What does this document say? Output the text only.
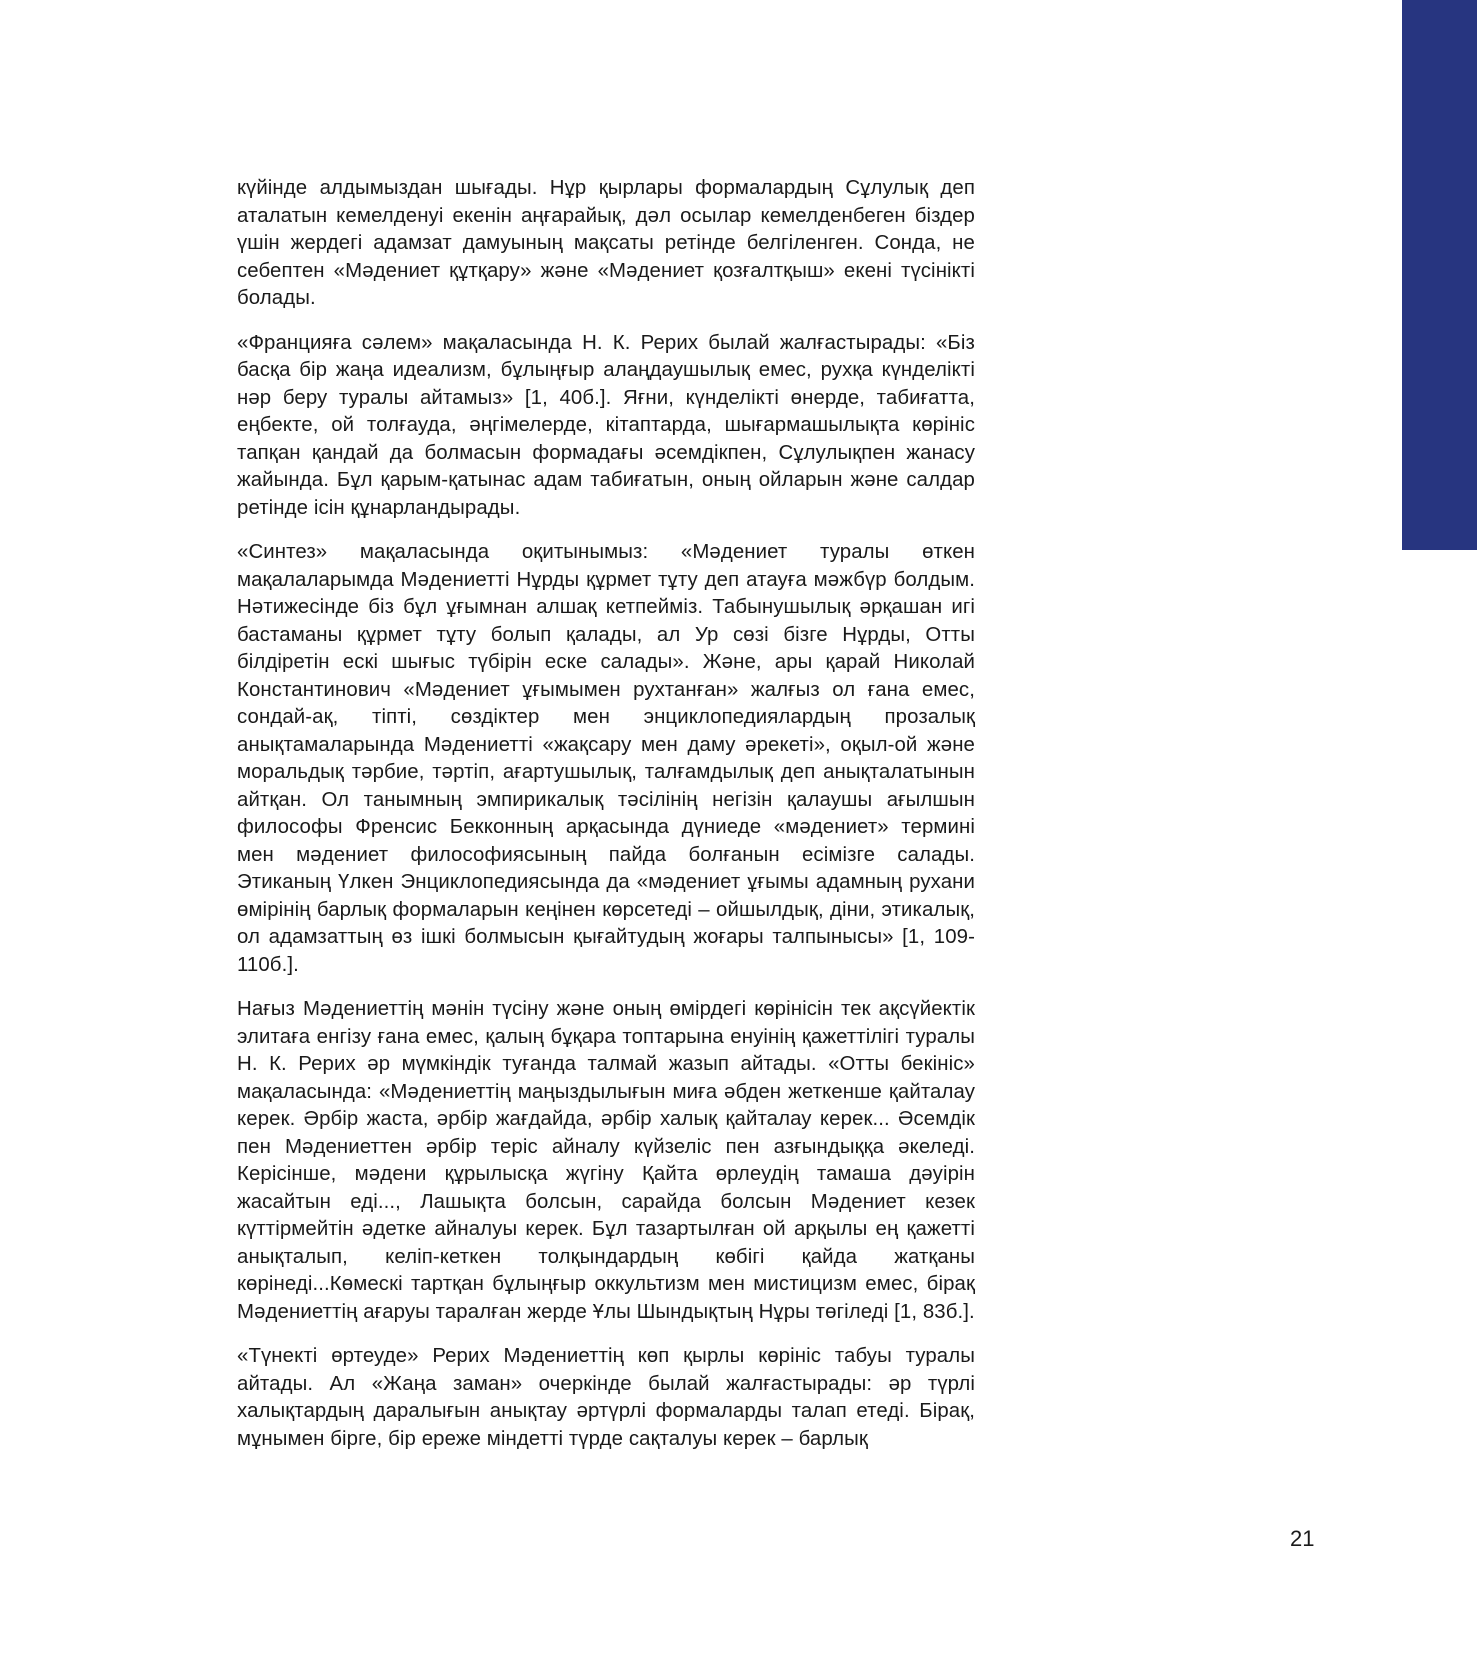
күйінде алдымыздан шығады. Нұр қырлары формалардың Сұлулық деп аталатын кемелденуі екенін аңғарайық, дәл осылар кемелденбеген біздер үшін жердегі адамзат дамуының мақсаты ретінде белгіленген. Сонда, не себептен «Мәдениет құтқару» және «Мәдениет қозғалтқыш» екені түсінікті болады.

«Францияға сәлем» мақаласында Н. К. Рерих былай жалғастырады: «Біз басқа бір жаңа идеализм, бұлыңғыр алаңдаушылық емес, рухқа күнделікті нәр беру туралы айтамыз» [1, 40б.]. Яғни, күнделікті өнерде, табиғатта, еңбекте, ой толғауда, әңгімелерде, кітаптарда, шығармашылықта көрініс тапқан қандай да болмасын формадағы әсемдікпен, Сұлулықпен жанасу жайында. Бұл қарым-қатынас адам табиғатын, оның ойларын және салдар ретінде ісін құнарландырады.

«Синтез» мақаласында оқитынымыз: «Мәдениет туралы өткен мақалаларымда Мәдениетті Нұрды құрмет тұту деп атауға мәжбүр болдым. Нәтижесінде біз бұл ұғымнан алшақ кетпейміз. Табынушылық әрқашан игі бастаманы құрмет тұту болып қалады, ал Ур сөзі бізге Нұрды, Отты білдіретін ескі шығыс түбірін еске салады». Және, ары қарай Николай Константинович «Мәдениет ұғымымен рухтанған» жалғыз ол ғана емес, сондай-ақ, тіпті, сөздіктер мен энциклопедиялардың прозалық анықтамаларында Мәдениетті «жақсару мен даму әрекеті», оқыл-ой және моральдық тәрбие, тәртіп, ағартушылық, талғамдылық деп анықталатынын айтқан. Ол танымның эмпирикалық тәсілінің негізін қалаушы ағылшын философы Френсис Бекконның арқасында дүниеде «мәдениет» терминi мен мәдениет философиясының пайда болғанын есімізге салады. Этиканың Үлкен Энциклопедиясында да «мәдениет ұғымы адамның рухани өмірінің барлық формаларын кеңінен көрсетеді – ойшылдық, діни, этикалық, ол адамзаттың өз ішкі болмысын қығайтудың жоғары талпынысы» [1, 109-110б.].

Нағыз Мәдениеттің мәнін түсіну және оның өмірдегі көрінісін тек ақсүйектік элитаға енгізу ғана емес, қалың бұқара топтарына енуінің қажеттілігі туралы Н. К. Рерих әр мүмкіндік туғанда талмай жазып айтады. «Отты бекініс» мақаласында: «Мәдениеттің маңыздылығын миға әбден жеткенше қайталау керек. Әрбір жаста, әрбір жағдайда, әрбір халық қайталау керек... Әсемдік пен Мәдениеттен әрбір теріс айналу күйзеліс пен азғындыққа әкеледі. Керісінше, мәдени құрылысқа жүгіну Қайта өрлеудің тамаша дәуірін жасайтын еді..., Лашықта болсын, сарайда болсын Мәдениет кезек күттірмейтін әдетке айналуы керек. Бұл тазартылған ой арқылы ең қажетті анықталып, келіп-кеткен толқындардың көбігі қайда жатқаны көрінеді...Көмескі тартқан бұлыңғыр оккультизм мен мистицизм емес, бірақ Мәдениеттің ағаруы таралған жерде Ұлы Шындықтың Нұры төгіледі [1, 83б.].

«Түнекті өртеуде» Рерих Мәдениеттің көп қырлы көрініс табуы туралы айтады. Ал «Жаңа заман» очеркінде былай жалғастырады: әр түрлі халықтардың даралығын анықтау әртүрлі формаларды талап етеді. Бірақ, мұнымен бірге, бір ереже міндетті түрде сақталуы керек – барлық

21
